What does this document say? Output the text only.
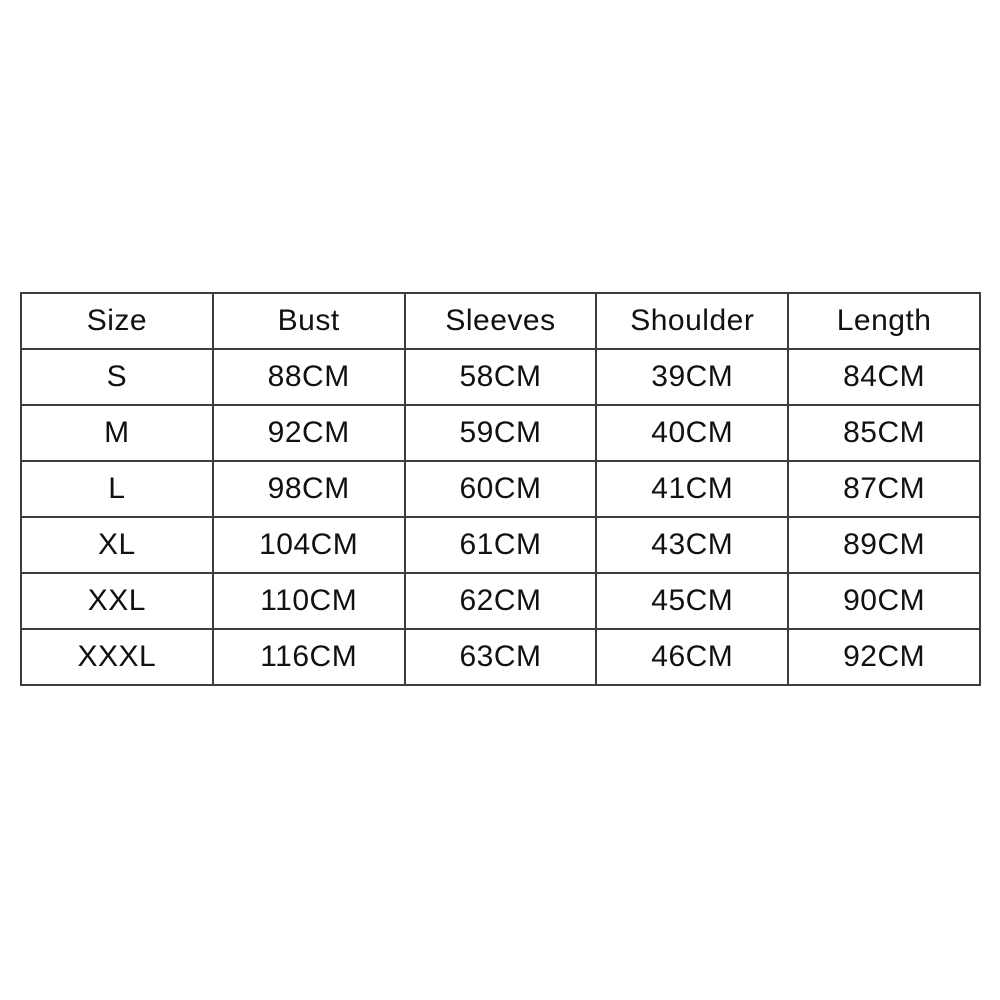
Size	Bust	Sleeves	Shoulder	Length
S	88CM	58CM	39CM	84CM
M	92CM	59CM	40CM	85CM
L	98CM	60CM	41CM	87CM
XL	104CM	61CM	43CM	89CM
XXL	110CM	62CM	45CM	90CM
XXXL	116CM	63CM	46CM	92CM
